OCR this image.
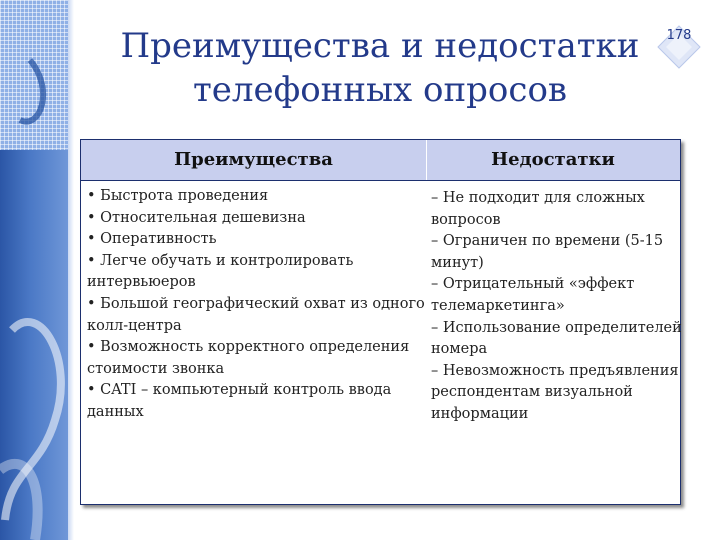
Преимущества и недостатки
телефонных опросов
178
Преимущества	Недостатки
• Быстрота проведения
• Относительная дешевизна
• Оперативность
• Легче обучать и контролировать
интервьюеров
• Большой географический охват из одного
колл-центра
• Возможность корректного определения
стоимости звонка
• CATI – компьютерный контроль ввода
данных
– Не подходит для сложных
вопросов
– Ограничен по времени (5-15
минут)
– Отрицательный «эффект
телемаркетинга»
– Использование определителей
номера
– Невозможность предъявления
респондентам визуальной
информации
